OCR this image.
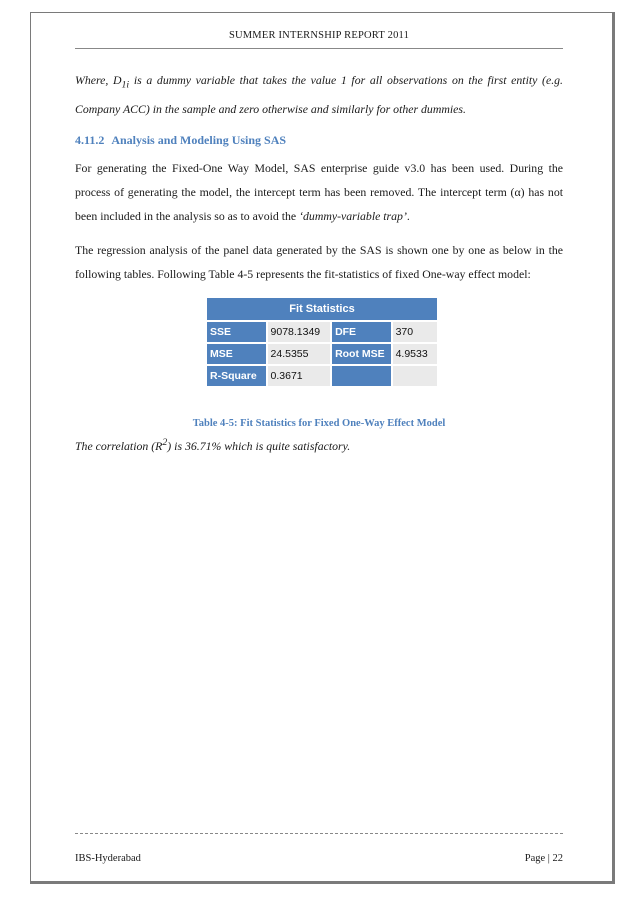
SUMMER INTERNSHIP REPORT 2011

Where, $D_{1i}$ is a dummy variable that takes the value 1 for all observations on the first entity (e.g. Company ACC) in the sample and zero otherwise and similarly for other dummies.

4.11.2 Analysis and Modeling Using SAS

For generating the Fixed-One Way Model, SAS enterprise guide v3.0 has been used. During the process of generating the model, the intercept term has been removed. The intercept term (α) has not been included in the analysis so as to avoid the ‘dummy-variable trap’.

The regression analysis of the panel data generated by the SAS is shown one by one as below in the following tables. Following Table 4-5 represents the fit-statistics of fixed One-way effect model:

Fit Statistics			
SSE	9078.1349	DFE	370
MSE	24.5355	Root MSE	4.9533
R-Square	0.3671		
Table 4-5: Fit Statistics for Fixed One-Way Effect Model
The correlation $(R^2)$ is 36.71% which is quite satisfactory.
IBS-Hyderabad	Page | 22
